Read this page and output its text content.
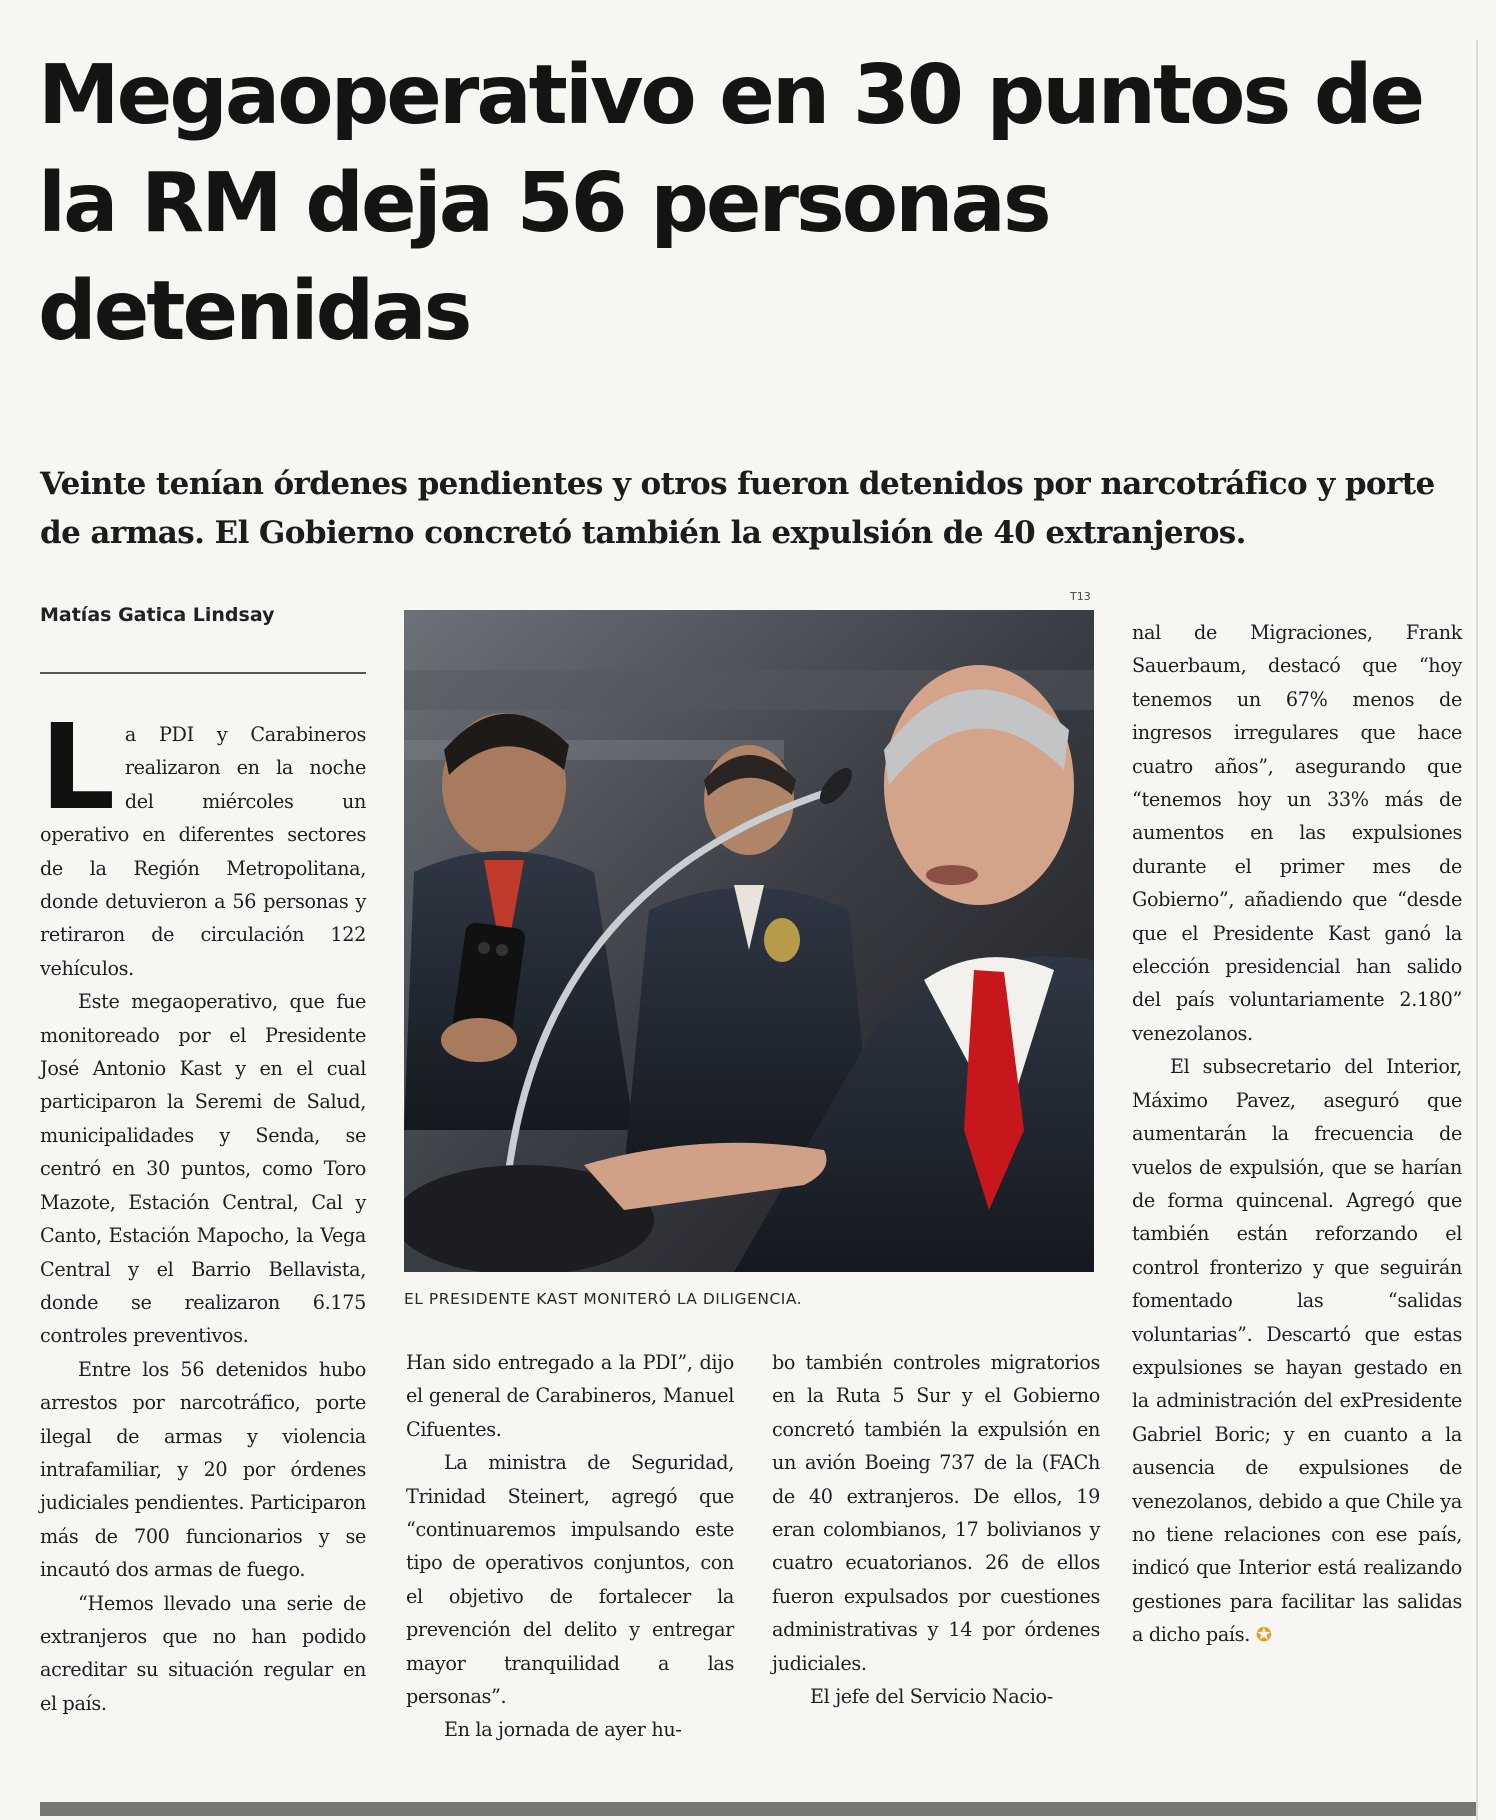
Megaoperativo en 30 puntos de la RM deja 56 personas detenidas

Veinte tenían órdenes pendientes y otros fueron detenidos por narcotráfico y porte de armas. El Gobierno concretó también la expulsión de 40 extranjeros.

Matías Gatica Lindsay

La PDI y Carabineros realizaron en la noche del miércoles un operativo en diferentes sectores de la Región Metropolitana, donde detuvieron a 56 personas y retiraron de circulación 122 vehículos.

Este megaoperativo, que fue monitoreado por el Presidente José Antonio Kast y en el cual participaron la Seremi de Salud, municipalidades y Senda, se centró en 30 puntos, como Toro Mazote, Estación Central, Cal y Canto, Estación Mapocho, la Vega Central y el Barrio Bellavista, donde se realizaron 6.175 controles preventivos.

Entre los 56 detenidos hubo arrestos por narcotráfico, porte ilegal de armas y violencia intrafamiliar, y 20 por órdenes judiciales pendientes. Participaron más de 700 funcionarios y se incautó dos armas de fuego.

“Hemos llevado una serie de extranjeros que no han podido acreditar su situación regular en el país.

T13
EL PRESIDENTE KAST MONITERÓ LA DILIGENCIA.

Han sido entregado a la PDI”, dijo el general de Carabineros, Manuel Cifuentes.

La ministra de Seguridad, Trinidad Steinert, agregó que “continuaremos impulsando este tipo de operativos conjuntos, con el objetivo de fortalecer la prevención del delito y entregar mayor tranquilidad a las personas”.

En la jornada de ayer hu-

bo también controles migratorios en la Ruta 5 Sur y el Gobierno concretó también la expulsión en un avión Boeing 737 de la (FACh de 40 extranjeros. De ellos, 19 eran colombianos, 17 bolivianos y cuatro ecuatorianos. 26 de ellos fueron expulsados por cuestiones administrativas y 14 por órdenes judiciales.

El jefe del Servicio Nacio-

nal de Migraciones, Frank Sauerbaum, destacó que “hoy tenemos un 67% menos de ingresos irregulares que hace cuatro años”, asegurando que “tenemos hoy un 33% más de aumentos en las expulsiones durante el primer mes de Gobierno”, añadiendo que “desde que el Presidente Kast ganó la elección presidencial han salido del país voluntariamente 2.180” venezolanos.

El subsecretario del Interior, Máximo Pavez, aseguró que aumentarán la frecuencia de vuelos de expulsión, que se harían de forma quincenal. Agregó que también están reforzando el control fronterizo y que seguirán fomentado las “salidas voluntarias”. Descartó que estas expulsiones se hayan gestado en la administración del exPresidente Gabriel Boric; y en cuanto a la ausencia de expulsiones de venezolanos, debido a que Chile ya no tiene relaciones con ese país, indicó que Interior está realizando gestiones para facilitar las salidas a dicho país. ✪
